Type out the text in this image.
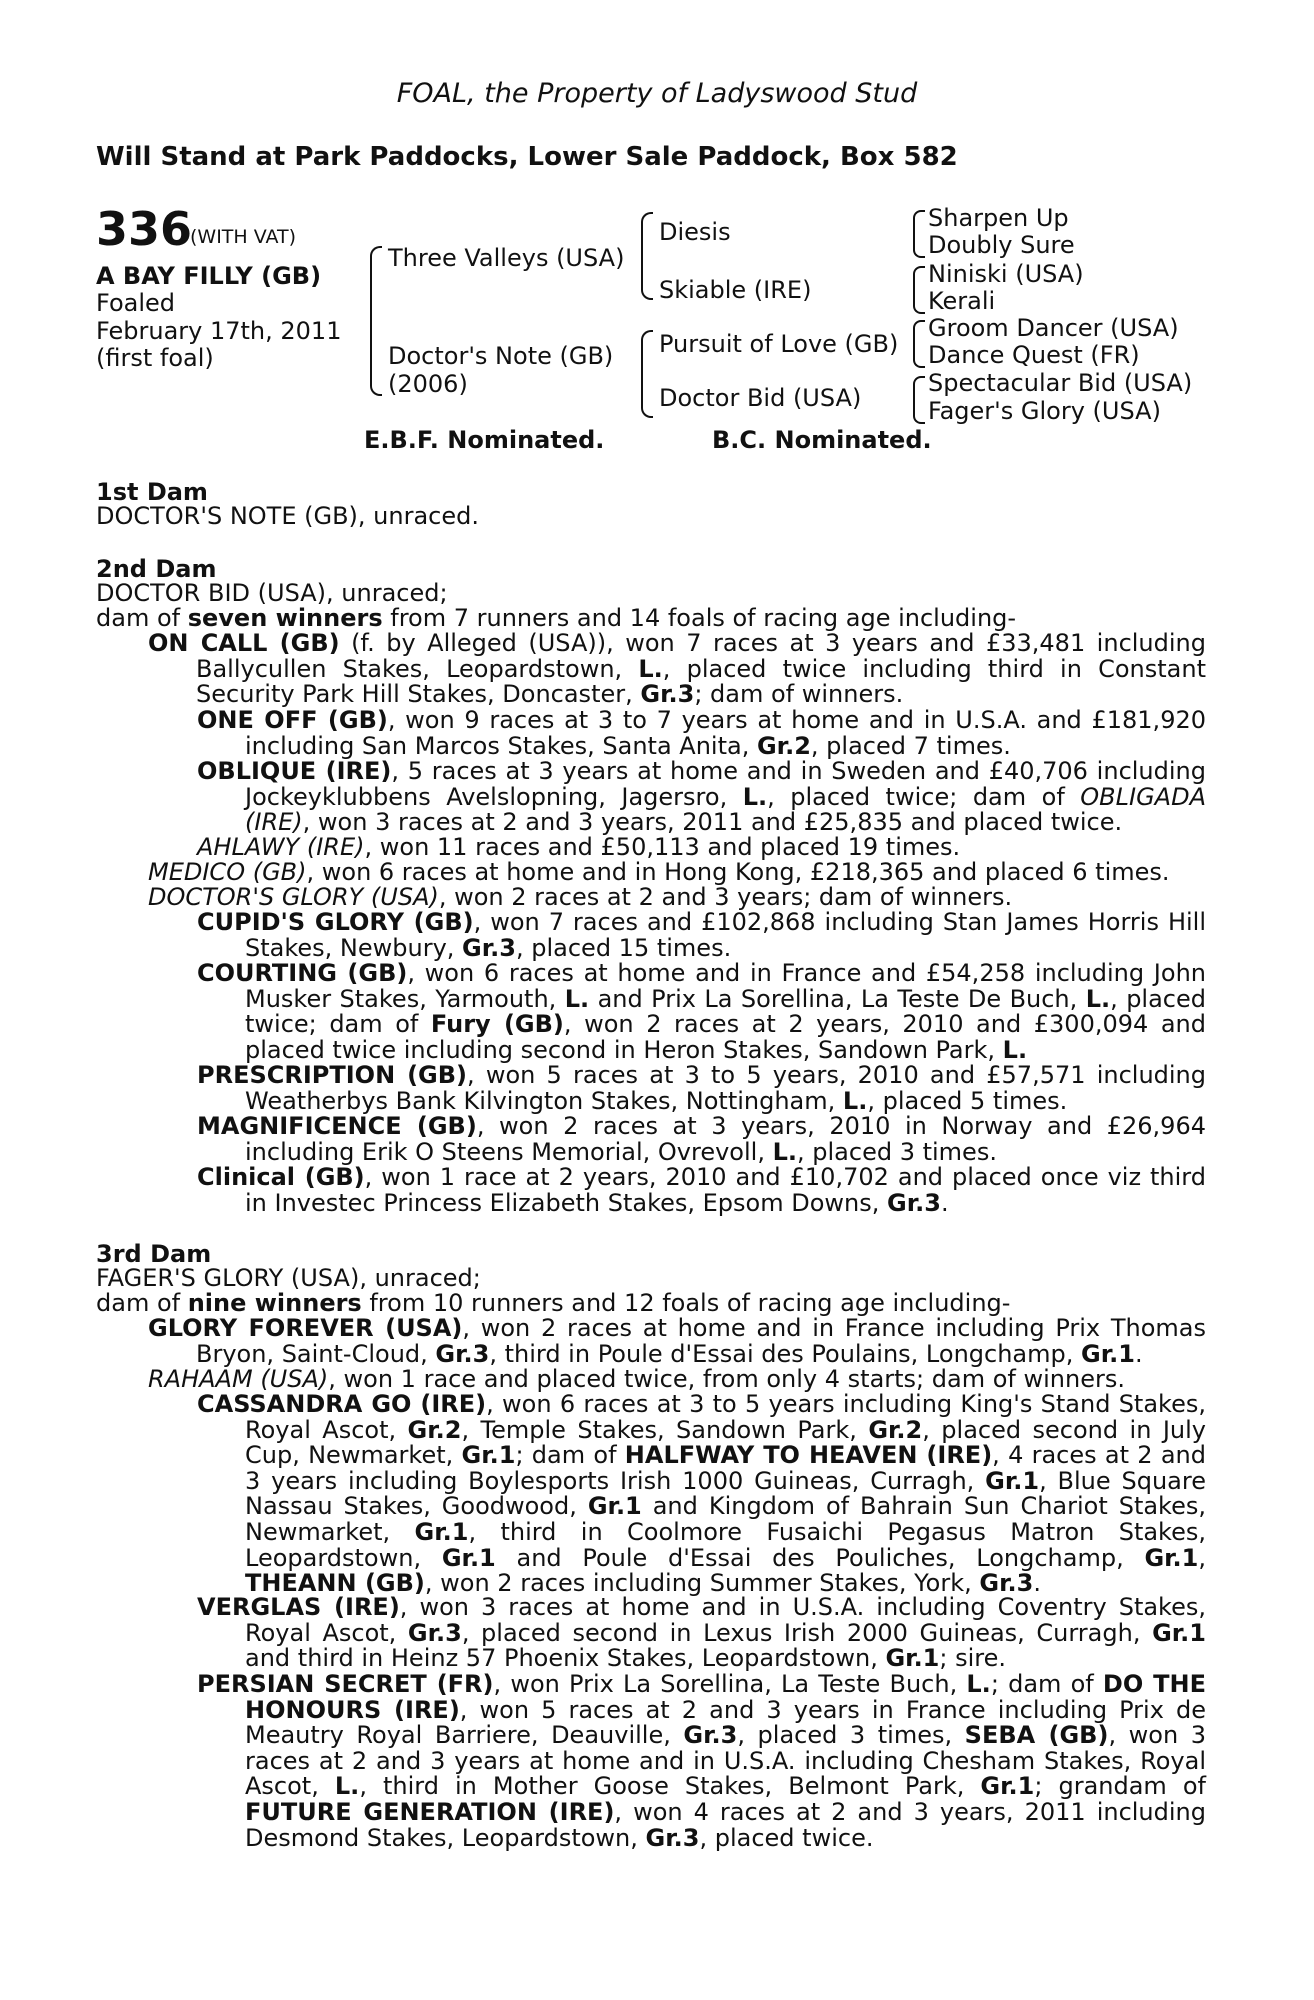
FOAL, the Property of Ladyswood Stud
Will Stand at Park Paddocks, Lower Sale Paddock, Box 582
336
(WITH VAT)
A BAY FILLY (GB)
Foaled
February 17th, 2011
(first foal)
Three Valleys (USA)
Doctor's Note (GB)
(2006)
Diesis
Skiable (IRE)
Pursuit of Love (GB)
Doctor Bid (USA)
Sharpen Up
Doubly Sure
Niniski (USA)
Kerali
Groom Dancer (USA)
Dance Quest (FR)
Spectacular Bid (USA)
Fager's Glory (USA)
E.B.F. Nominated.	B.C. Nominated.
1st Dam
DOCTOR'S NOTE (GB), unraced.
2nd Dam
DOCTOR BID (USA), unraced;
dam of seven winners from 7 runners and 14 foals of racing age including-
ON CALL (GB) (f. by Alleged (USA)), won 7 races at 3 years and £33,481 including Ballycullen Stakes, Leopardstown, L., placed twice including third in Constant Security Park Hill Stakes, Doncaster, Gr.3; dam of winners.
ONE OFF (GB), won 9 races at 3 to 7 years at home and in U.S.A. and £181,920 including San Marcos Stakes, Santa Anita, Gr.2, placed 7 times.
OBLIQUE (IRE), 5 races at 3 years at home and in Sweden and £40,706 including Jockeyklubbens Avelslopning, Jagersro, L., placed twice; dam of OBLIGADA (IRE), won 3 races at 2 and 3 years, 2011 and £25,835 and placed twice.
AHLAWY (IRE), won 11 races and £50,113 and placed 19 times.
MEDICO (GB), won 6 races at home and in Hong Kong, £218,365 and placed 6 times.
DOCTOR'S GLORY (USA), won 2 races at 2 and 3 years; dam of winners.
CUPID'S GLORY (GB), won 7 races and £102,868 including Stan James Horris Hill Stakes, Newbury, Gr.3, placed 15 times.
COURTING (GB), won 6 races at home and in France and £54,258 including John Musker Stakes, Yarmouth, L. and Prix La Sorellina, La Teste De Buch, L., placed twice; dam of Fury (GB), won 2 races at 2 years, 2010 and £300,094 and placed twice including second in Heron Stakes, Sandown Park, L.
PRESCRIPTION (GB), won 5 races at 3 to 5 years, 2010 and £57,571 including Weatherbys Bank Kilvington Stakes, Nottingham, L., placed 5 times.
MAGNIFICENCE (GB), won 2 races at 3 years, 2010 in Norway and £26,964 including Erik O Steens Memorial, Ovrevoll, L., placed 3 times.
Clinical (GB), won 1 race at 2 years, 2010 and £10,702 and placed once viz third in Investec Princess Elizabeth Stakes, Epsom Downs, Gr.3.
3rd Dam
FAGER'S GLORY (USA), unraced;
dam of nine winners from 10 runners and 12 foals of racing age including-
GLORY FOREVER (USA), won 2 races at home and in France including Prix Thomas Bryon, Saint-Cloud, Gr.3, third in Poule d'Essai des Poulains, Longchamp, Gr.1.
RAHAAM (USA), won 1 race and placed twice, from only 4 starts; dam of winners.
CASSANDRA GO (IRE), won 6 races at 3 to 5 years including King's Stand Stakes, Royal Ascot, Gr.2, Temple Stakes, Sandown Park, Gr.2, placed second in July Cup, Newmarket, Gr.1; dam of HALFWAY TO HEAVEN (IRE), 4 races at 2 and 3 years including Boylesports Irish 1000 Guineas, Curragh, Gr.1, Blue Square Nassau Stakes, Goodwood, Gr.1 and Kingdom of Bahrain Sun Chariot Stakes, Newmarket, Gr.1, third in Coolmore Fusaichi Pegasus Matron Stakes, Leopardstown, Gr.1 and Poule d'Essai des Pouliches, Longchamp, Gr.1, THEANN (GB), won 2 races including Summer Stakes, York, Gr.3.
VERGLAS (IRE), won 3 races at home and in U.S.A. including Coventry Stakes, Royal Ascot, Gr.3, placed second in Lexus Irish 2000 Guineas, Curragh, Gr.1 and third in Heinz 57 Phoenix Stakes, Leopardstown, Gr.1; sire.
PERSIAN SECRET (FR), won Prix La Sorellina, La Teste Buch, L.; dam of DO THE HONOURS (IRE), won 5 races at 2 and 3 years in France including Prix de Meautry Royal Barriere, Deauville, Gr.3, placed 3 times, SEBA (GB), won 3 races at 2 and 3 years at home and in U.S.A. including Chesham Stakes, Royal Ascot, L., third in Mother Goose Stakes, Belmont Park, Gr.1; grandam of FUTURE GENERATION (IRE), won 4 races at 2 and 3 years, 2011 including Desmond Stakes, Leopardstown, Gr.3, placed twice.
